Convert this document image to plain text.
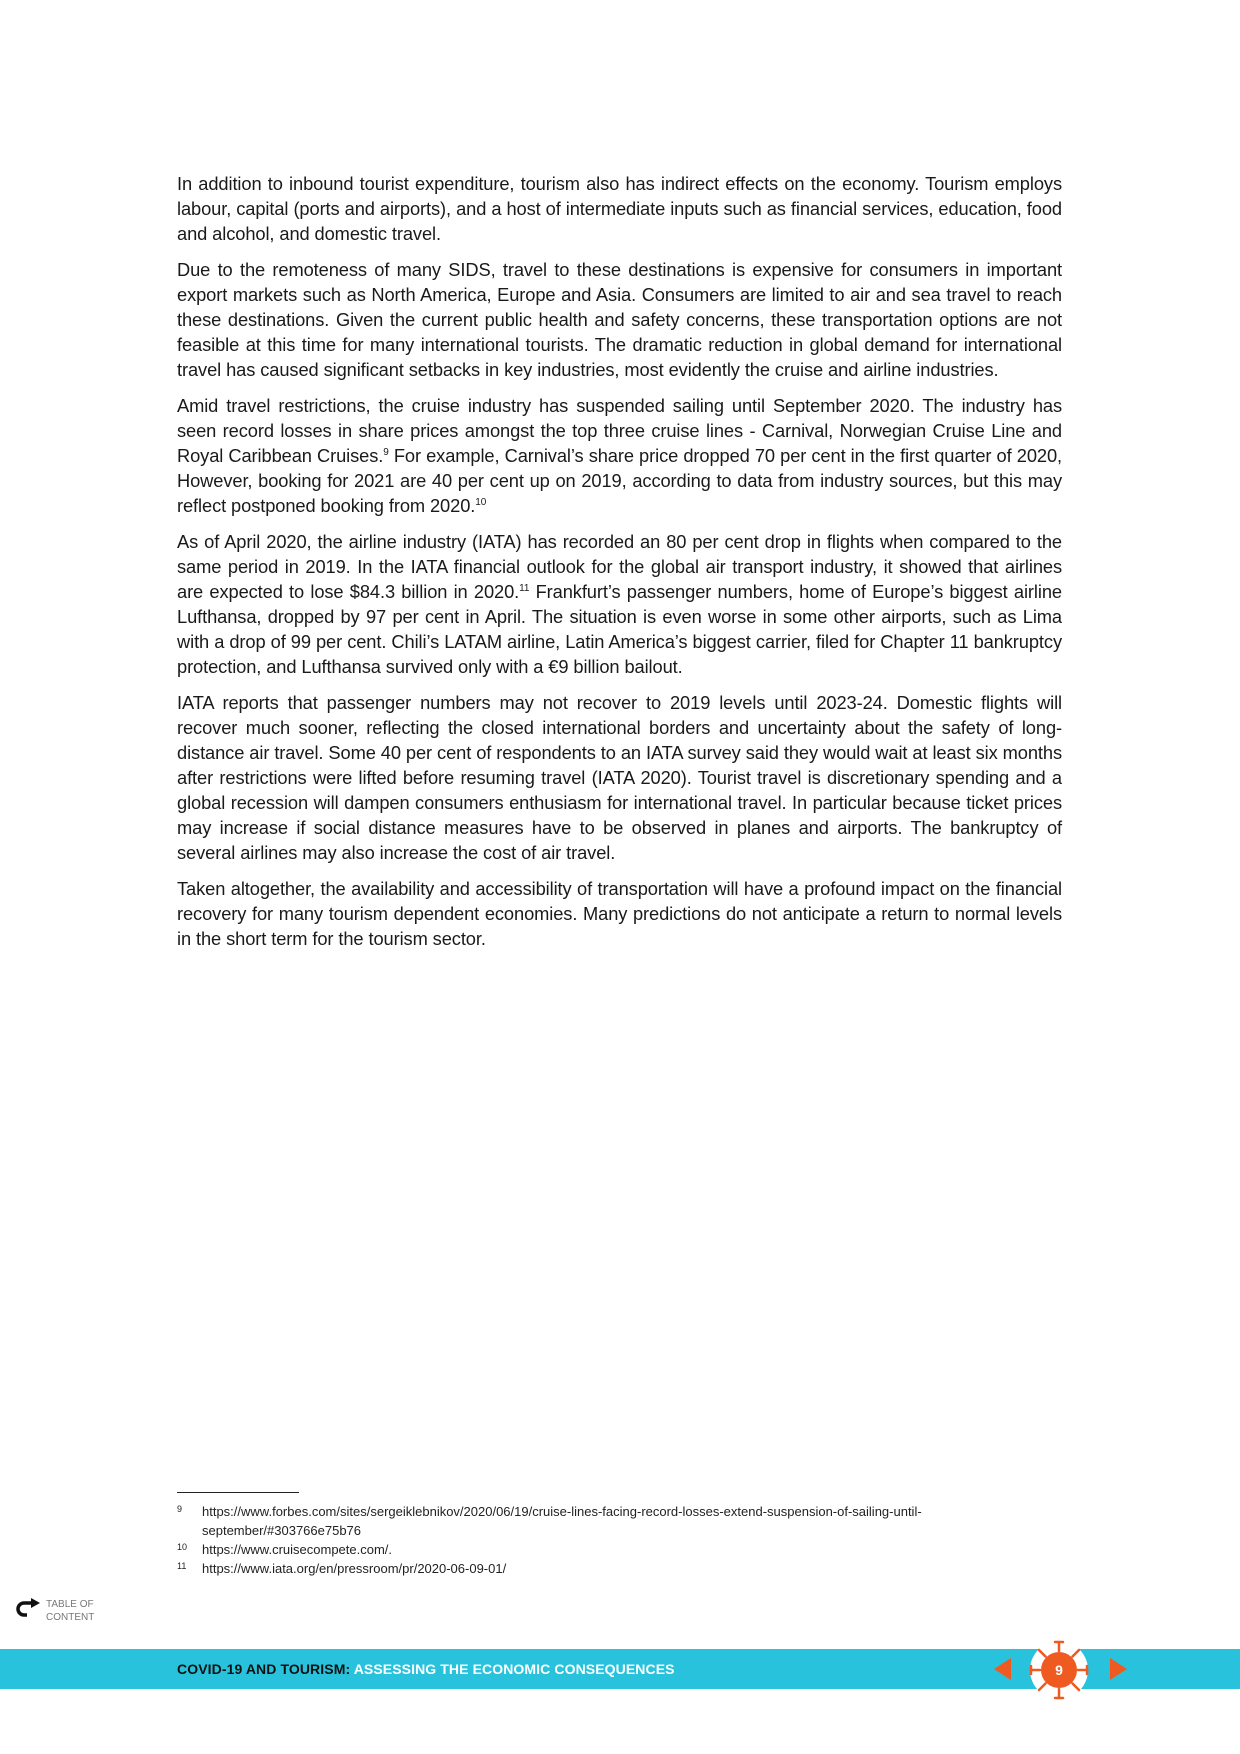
In addition to inbound tourist expenditure, tourism also has indirect effects on the economy. Tourism employs labour, capital (ports and airports), and a host of intermediate inputs such as financial services, education, food and alcohol, and domestic travel.

Due to the remoteness of many SIDS, travel to these destinations is expensive for consumers in important export markets such as North America, Europe and Asia. Consumers are limited to air and sea travel to reach these destinations. Given the current public health and safety concerns, these transportation options are not feasible at this time for many international tourists. The dramatic reduction in global demand for international travel has caused significant setbacks in key industries, most evidently the cruise and airline industries.

Amid travel restrictions, the cruise industry has suspended sailing until September 2020. The industry has seen record losses in share prices amongst the top three cruise lines - Carnival, Norwegian Cruise Line and Royal Caribbean Cruises.$^9$ For example, Carnival’s share price dropped 70 per cent in the first quarter of 2020, However, booking for 2021 are 40 per cent up on 2019, according to data from industry sources, but this may reflect postponed booking from 2020.10

As of April 2020, the airline industry (IATA) has recorded an 80 per cent drop in flights when compared to the same period in 2019. In the IATA financial outlook for the global air transport industry, it showed that airlines are expected to lose $84.3 billion in 2020.11 Frankfurt’s passenger numbers, home of Europe’s biggest airline Lufthansa, dropped by 97 per cent in April. The situation is even worse in some other airports, such as Lima with a drop of 99 per cent. Chili’s LATAM airline, Latin America’s biggest carrier, filed for Chapter 11 bankruptcy protection, and Lufthansa survived only with a €9 billion bailout.

IATA reports that passenger numbers may not recover to 2019 levels until 2023-24. Domestic flights will recover much sooner, reflecting the closed international borders and uncertainty about the safety of long-distance air travel. Some 40 per cent of respondents to an IATA survey said they would wait at least six months after restrictions were lifted before resuming travel (IATA 2020). Tourist travel is discretionary spending and a global recession will dampen consumers enthusiasm for international travel. In particular because ticket prices may increase if social distance measures have to be observed in planes and airports. The bankruptcy of several airlines may also increase the cost of air travel.

Taken altogether, the availability and accessibility of transportation will have a profound impact on the financial recovery for many tourism dependent economies. Many predictions do not anticipate a return to normal levels in the short term for the tourism sector.

9	https://www.forbes.com/sites/sergeiklebnikov/2020/06/19/cruise-lines-facing-record-losses-extend-suspension-of-sailing-until-september/#303766e75b76
10	https://www.cruisecompete.com/.
11	https://www.iata.org/en/pressroom/pr/2020-06-09-01/
TABLE OF
CONTENT
COVID-19 AND TOURISM: ASSESSING THE ECONOMIC CONSEQUENCES	9
